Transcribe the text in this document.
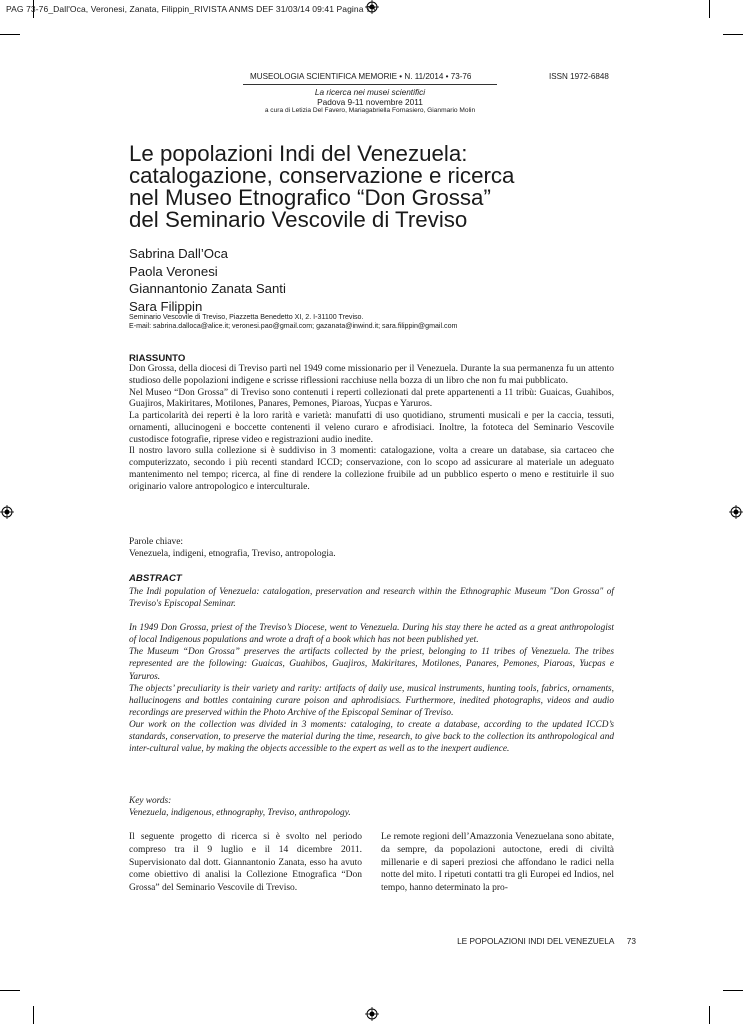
PAG 73-76_Dall'Oca, Veronesi, Zanata, Filippin_RIVISTA ANMS DEF 31/03/14 09:41 Pagina 73
MUSEOLOGIA SCIENTIFICA MEMORIE • N. 11/2014 • 73-76	ISSN 1972-6848
La ricerca nei musei scientifici
Padova 9-11 novembre 2011
a cura di Letizia Del Favero, Mariagabriella Fornasiero, Gianmario Molin
Le popolazioni Indi del Venezuela:
catalogazione, conservazione e ricerca
nel Museo Etnografico “Don Grossa”
del Seminario Vescovile di Treviso
Sabrina Dall’Oca
Paola Veronesi
Giannantonio Zanata Santi
Sara Filippin
Seminario Vescovile di Treviso, Piazzetta Benedetto XI, 2. I-31100 Treviso.
E-mail: sabrina.dalloca@alice.it; veronesi.pao@gmail.com; gazanata@inwind.it; sara.filippin@gmail.com
RIASSUNTO

Don Grossa, della diocesi di Treviso partì nel 1949 come missionario per il Venezuela. Durante la sua permanenza fu un attento studioso delle popolazioni indigene e scrisse riflessioni racchiuse nella bozza di un libro che non fu mai pubblicato.

Nel Museo “Don Grossa” di Treviso sono contenuti i reperti collezionati dal prete appartenenti a 11 tribù: Guaicas, Guahibos, Guajiros, Makiritares, Motilones, Panares, Pemones, Piaroas, Yucpas e Yaruros.

La particolarità dei reperti è la loro rarità e varietà: manufatti di uso quotidiano, strumenti musicali e per la caccia, tessuti, ornamenti, allucinogeni e boccette contenenti il veleno curaro e afrodisiaci. Inoltre, la fototeca del Seminario Vescovile custodisce fotografie, riprese video e registrazioni audio inedite.

Il nostro lavoro sulla collezione si è suddiviso in 3 momenti: catalogazione, volta a creare un database, sia cartaceo che computerizzato, secondo i più recenti standard ICCD; conservazione, con lo scopo ad assicurare al materiale un adeguato mantenimento nel tempo; ricerca, al fine di rendere la collezione fruibile ad un pubblico esperto o meno e restituirle il suo originario valore antropologico e interculturale.

Parole chiave:
Venezuela, indigeni, etnografia, Treviso, antropologia.
ABSTRACT

The Indi population of Venezuela: catalogation, preservation and research within the Ethnographic Museum "Don Grossa" of Treviso's Episcopal Seminar.

In 1949 Don Grossa, priest of the Treviso’s Diocese, went to Venezuela. During his stay there he acted as a great anthropologist of local Indigenous populations and wrote a draft of a book which has not been published yet.

The Museum “Don Grossa” preserves the artifacts collected by the priest, belonging to 11 tribes of Venezuela. The tribes represented are the following: Guaicas, Guahibos, Guajiros, Makiritares, Motilones, Panares, Pemones, Piaroas, Yucpas e Yaruros.

The objects’ preculiarity is their variety and rarity: artifacts of daily use, musical instruments, hunting tools, fabrics, ornaments, hallucinogens and bottles containing curare poison and aphrodisiacs. Furthermore, inedited photographs, videos and audio recordings are preserved within the Photo Archive of the Episcopal Seminar of Treviso.

Our work on the collection was divided in 3 moments: cataloging, to create a database, according to the updated ICCD’s standards, conservation, to preserve the material during the time, research, to give back to the collection its anthropological and inter-cultural value, by making the objects accessible to the expert as well as to the inexpert audience.

Key words:
Venezuela, indigenous, ethnography, Treviso, anthropology.
Il seguente progetto di ricerca si è svolto nel periodo compreso tra il 9 luglio e il 14 dicembre 2011. Supervisionato dal dott. Giannantonio Zanata, esso ha avuto come obiettivo di analisi la Collezione Etnografica “Don Grossa” del Seminario Vescovile di Treviso.
Le remote regioni dell’Amazzonia Venezuelana sono abitate, da sempre, da popolazioni autoctone, eredi di civiltà millenarie e di saperi preziosi che affondano le radici nella notte del mito. I ripetuti contatti tra gli Europei ed Indios, nel tempo, hanno determinato la pro-
LE POPOLAZIONI INDI DEL VENEZUELA 73
